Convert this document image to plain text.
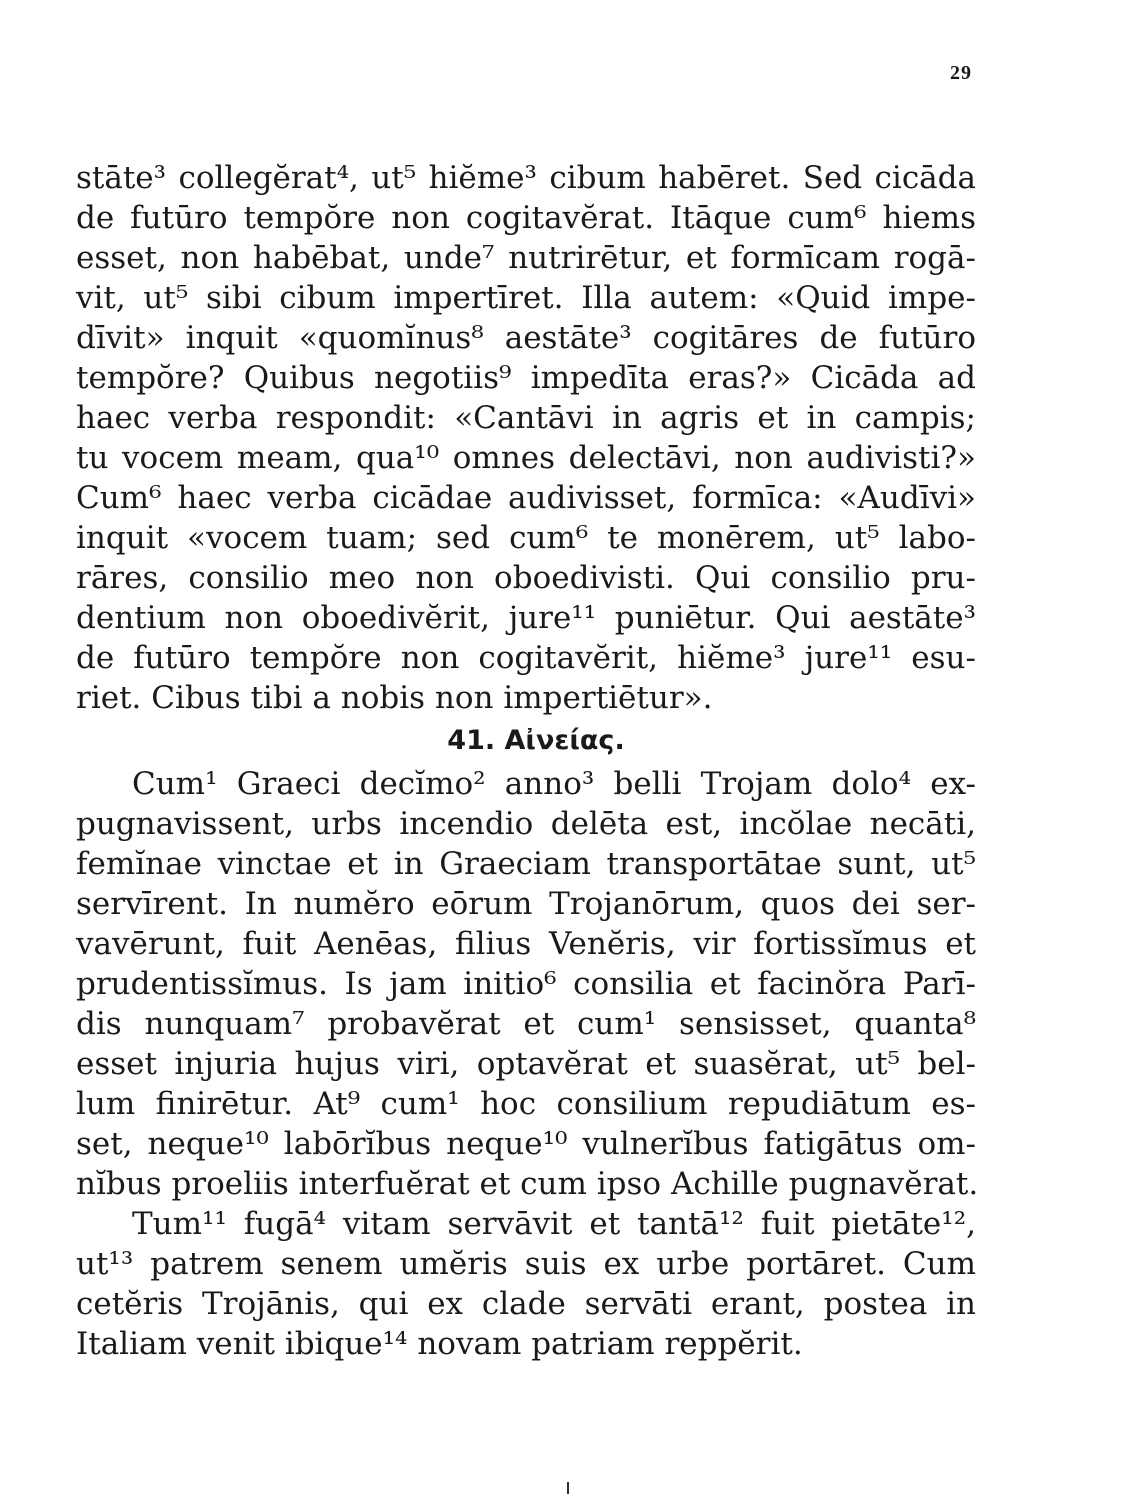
29
stāte³ collegĕrat⁴, ut⁵ hiĕme³ cibum habēret. Sed cicāda
de futūro tempŏre non cogitavĕrat. Itāque cum⁶ hiems
esset, non habēbat, unde⁷ nutrirētur, et formīcam rogā-
vit, ut⁵ sibi cibum impertīret. Illa autem: «Quid impe-
dīvit» inquit «quomĭnus⁸ aestāte³ cogitāres de futūro
tempŏre? Quibus negotiis⁹ impedīta eras?» Cicāda ad
haec verba respondit: «Cantāvi in agris et in campis;
tu vocem meam, qua¹⁰ omnes delectāvi, non audivisti?»
Cum⁶ haec verba cicādae audivisset, formīca: «Audīvi»
inquit «vocem tuam; sed cum⁶ te monērem, ut⁵ labo-
rāres, consilio meo non oboedivisti. Qui consilio pru-
dentium non oboedivĕrit, jure¹¹ puniētur. Qui aestāte³
de futūro tempŏre non cogitavĕrit, hiĕme³ jure¹¹ esu-
riet. Cibus tibi a nobis non impertiētur».
41. Αἰνείας.
Cum¹ Graeci decĭmo² anno³ belli Trojam dolo⁴ ex-
pugnavissent, urbs incendio delēta est, incŏlae necāti,
femĭnae vinctae et in Graeciam transportātae sunt, ut⁵
servīrent. In numĕro eōrum Trojanōrum, quos dei ser-
vavērunt, fuit Aenēas, filius Venĕris, vir fortissĭmus et
prudentissĭmus. Is jam initio⁶ consilia et facinŏra Parī-
dis nunquam⁷ probavĕrat et cum¹ sensisset, quanta⁸
esset injuria hujus viri, optavĕrat et suasĕrat, ut⁵ bel-
lum finirētur. At⁹ cum¹ hoc consilium repudiātum es-
set, neque¹⁰ labōrĭbus neque¹⁰ vulnerĭbus fatigātus om-
nĭbus proeliis interfuĕrat et cum ipso Achille pugnavĕrat.
Tum¹¹ fugā⁴ vitam servāvit et tantā¹² fuit pietāte¹²,
ut¹³ patrem senem umĕris suis ex urbe portāret. Cum
cetĕris Trojānis, qui ex clade servāti erant, postea in
Italiam venit ibique¹⁴ novam patriam reppĕrit.
